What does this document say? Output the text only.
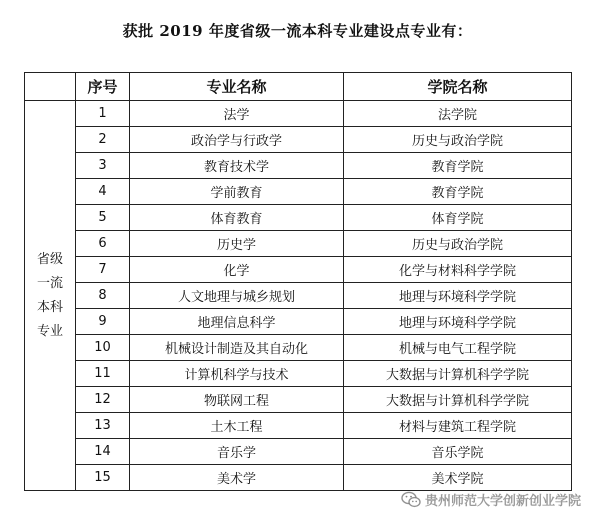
获批 2019 年度省级一流本科专业建设点专业有：
	序号	专业名称	学院名称

省级
一流
本科
专业	1	法学	法学院
	2	政治学与行政学	历史与政治学院
	3	教育技术学	教育学院
	4	学前教育	教育学院
	5	体育教育	体育学院
	6	历史学	历史与政治学院
	7	化学	化学与材料科学学院
	8	人文地理与城乡规划	地理与环境科学学院
	9	地理信息科学	地理与环境科学学院
	10	机械设计制造及其自动化	机械与电气工程学院
	11	计算机科学与技术	大数据与计算机科学学院
	12	物联网工程	大数据与计算机科学学院
	13	土木工程	材料与建筑工程学院
	14	音乐学	音乐学院
	15	美术学	美术学院
贵州师范大学创新创业学院
